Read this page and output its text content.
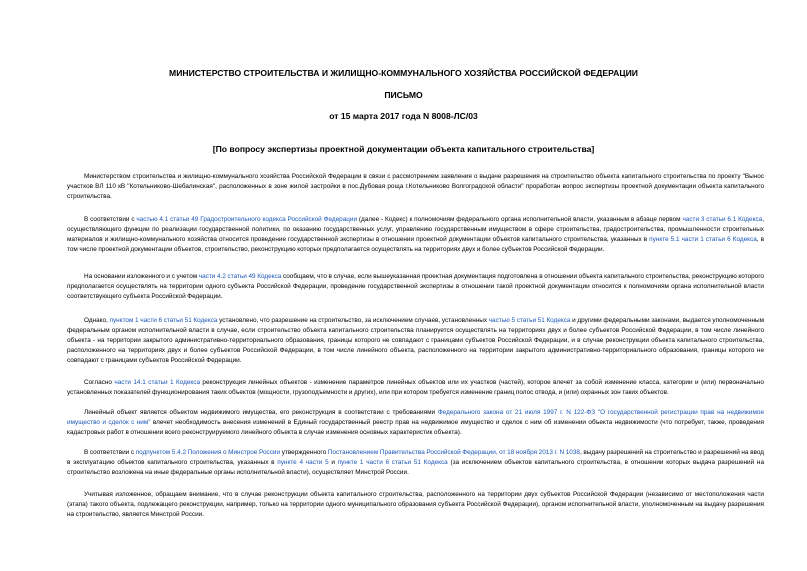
МИНИСТЕРСТВО СТРОИТЕЛЬСТВА И ЖИЛИЩНО-КОММУНАЛЬНОГО ХОЗЯЙСТВА РОССИЙСКОЙ ФЕДЕРАЦИИ

ПИСЬМО

от 15 марта 2017 года N 8008-ЛС/03

[По вопросу экспертизы проектной документации объекта капитального строительства]

Министерством строительства и жилищно-коммунального хозяйства Российской Федерации в связи с рассмотрением заявления о выдаче разрешения на строительство объекта капитального строительства по проекту "Вынос участков ВЛ 110 кВ "Котельниково-Шебалинская", расположенных в зоне жилой застройки в пос.Дубовая роща г.Котельниково Волгоградской области" проработан вопрос экспертизы проектной документации объекта капитального строительства.

В соответствии с частью 4.1 статьи 49 Градостроительного кодекса Российской Федерации (далее - Кодекс) к полномочиям федерального органа исполнительной власти, указанным в абзаце первом части 3 статьи 6.1 Кодекса, осуществляющего функции по реализации государственной политики, по оказанию государственных услуг, управлению государственным имуществом в сфере строительства, градостроительства, промышленности строительных материалов и жилищно-коммунального хозяйства относится проведение государственной экспертизы в отношении проектной документации объектов капитального строительства, указанных в пункте 5.1 части 1 статьи 6 Кодекса, в том числе проектной документации объектов, строительство, реконструкцию которых предполагается осуществлять на территориях двух и более субъектов Российской Федерации.

На основании изложенного и с учетом части 4.2 статьи 49 Кодекса сообщаем, что в случае, если вышеуказанная проектная документация подготовлена в отношении объекта капитального строительства, реконструкцию которого предполагается осуществлять на территории одного субъекта Российской Федерации, проведение государственной экспертизы в отношении такой проектной документации относится к полномочиям органа исполнительной власти соответствующего субъекта Российской Федерации.

Однако, пунктом 1 части 6 статьи 51 Кодекса установлено, что разрешение на строительство, за исключением случаев, установленных частью 5 статьи 51 Кодекса и другими федеральными законами, выдается уполномоченным федеральным органом исполнительной власти в случае, если строительство объекта капитального строительства планируется осуществлять на территориях двух и более субъектов Российской Федерации, в том числе линейного объекта - на территории закрытого административно-территориального образования, границы которого не совпадают с границами субъектов Российской Федерации, и в случае реконструкции объекта капитального строительства, расположенного на территориях двух и более субъектов Российской Федерации, в том числе линейного объекта, расположенного на территории закрытого административно-территориального образования, границы которого не совпадают с границами субъектов Российской Федерации.

Согласно части 14.1 статьи 1 Кодекса реконструкция линейных объектов - изменение параметров линейных объектов или их участков (частей), которое влечет за собой изменение класса, категории и (или) первоначально установленных показателей функционирования таких объектов (мощности, грузоподъемности и других), или при котором требуется изменение границ полос отвода, и (или) охранных зон таких объектов.

Линейный объект является объектом недвижимого имущества, его реконструкция в соответствии с требованиями Федерального закона от 21 июля 1997 г. N 122-ФЗ "О государственной регистрации прав на недвижимое имущество и сделок с ним" влечет необходимость внесения изменений в Единый государственный реестр прав на недвижимое имущество и сделок с ним об изменении объекта недвижимости (что потребует, также, проведения кадастровых работ в отношении всего реконструируемого линейного объекта в случае изменения основных характеристик объекта).

В соответствии с подпунктом 5.4.2 Положения о Минстрое России утвержденного Постановлением Правительства Российской Федерации, от 18 ноября 2013 г. N 1038, выдачу разрешений на строительство и разрешений на ввод в эксплуатацию объектов капитального строительства, указанных в пункте 4 части 5 и пункте 1 части 6 статьи 51 Кодекса (за исключением объектов капитального строительства, в отношении которых выдача разрешений на строительство возложена на иные федеральные органы исполнительной власти), осуществляет Минстрой России.

Учитывая изложенное, обращаем внимание, что в случае реконструкции объекта капитального строительства, расположенного на территории двух субъектов Российской Федерации (независимо от местоположения части (этапа) такого объекта, подлежащего реконструкции, например, только на территории одного муниципального образования субъекта Российской Федерации), органом исполнительной власти, уполномоченным на выдачу разрешения на строительство, является Минстрой России.
